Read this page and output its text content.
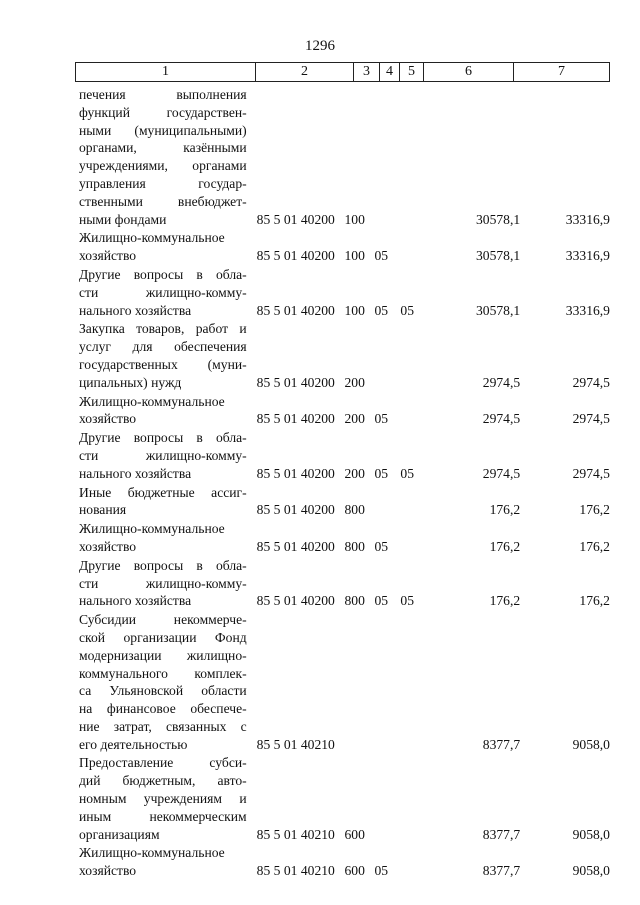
1296
1	2	3	4	5	6	7
печения выполнения
функций государствен-
ными (муниципальными)
органами, казёнными
учреждениями, органами
управления государ-
ственными внебюджет-
ными фондами	85 5 01 40200 100	30578,1	33316,9
Жилищно-коммунальное
хозяйство	85 5 01 40200 100 05	30578,1	33316,9
Другие вопросы в обла-
сти жилищно-комму-
нального хозяйства	85 5 01 40200 100 05 05	30578,1	33316,9
Закупка товаров, работ и
услуг для обеспечения
государственных (муни-
ципальных) нужд	85 5 01 40200 200	2974,5	2974,5
Жилищно-коммунальное
хозяйство	85 5 01 40200 200 05	2974,5	2974,5
Другие вопросы в обла-
сти жилищно-комму-
нального хозяйства	85 5 01 40200 200 05 05	2974,5	2974,5
Иные бюджетные ассиг-
нования	85 5 01 40200 800	176,2	176,2
Жилищно-коммунальное
хозяйство	85 5 01 40200 800 05	176,2	176,2
Другие вопросы в обла-
сти жилищно-комму-
нального хозяйства	85 5 01 40200 800 05 05	176,2	176,2
Субсидии некоммерче-
ской организации Фонд
модернизации жилищно-
коммунального комплек-
са Ульяновской области
на финансовое обеспече-
ние затрат, связанных с
его деятельностью	85 5 01 40210	8377,7	9058,0
Предоставление субси-
дий бюджетным, авто-
номным учреждениям и
иным некоммерческим
организациям	85 5 01 40210 600	8377,7	9058,0
Жилищно-коммунальное
хозяйство	85 5 01 40210 600 05	8377,7	9058,0
